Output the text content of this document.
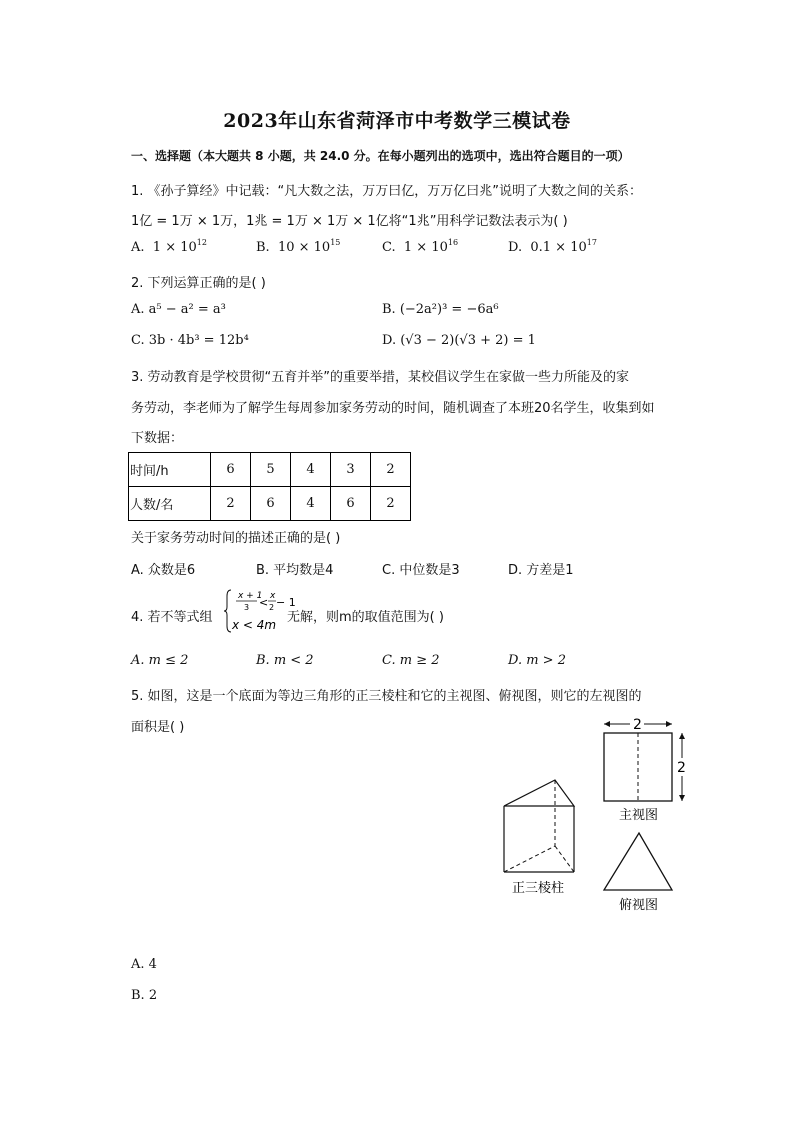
2023年山东省菏泽市中考数学三模试卷
一、选择题（本大题共 8 小题，共 24.0 分。在每小题列出的选项中，选出符合题目的一项）
1. 《孙子算经》中记载：“凡大数之法，万万曰亿，万万亿曰兆”说明了大数之间的关系：
1亿 = 1万 × 1万，1兆 = 1万 × 1万 × 1亿将“1兆”用科学记数法表示为( )
A. $1 \times 10^{12}$	B. $10 \times 10^{15}$	C. $1 \times 10^{16}$	D. $0.1 \times 10^{17}$
2. 下列运算正确的是( )
A. a⁵ − a² = a³	B. (−2a²)³ = −6a⁶
C. 3b · 4b³ = 12b⁴	D. (√3 − 2)(√3 + 2) = 1
3. 劳动教育是学校贯彻“五育并举”的重要举措，某校倡议学生在家做一些力所能及的家
务劳动，李老师为了解学生每周参加家务劳动的时间，随机调查了本班20名学生，收集到如
下数据：
时间/h	6	5	4	3	2
人数/名	2	6	4	6	2
关于家务劳动时间的描述正确的是( )
A. 众数是6	B. 平均数是4	C. 中位数是3	D. 方差是1
4. 若不等式组
x + 1
3 < x
2 − 1
x < 4m 无解，则m的取值范围为( )
A. m ≤ 2	B. m < 2	C. m ≥ 2	D. m > 2
5. 如图，这是一个底面为等边三角形的正三棱柱和它的主视图、俯视图，则它的左视图的
面积是( )	2
2
主视图
正三棱柱
俯视图
A. 4
B. 2
